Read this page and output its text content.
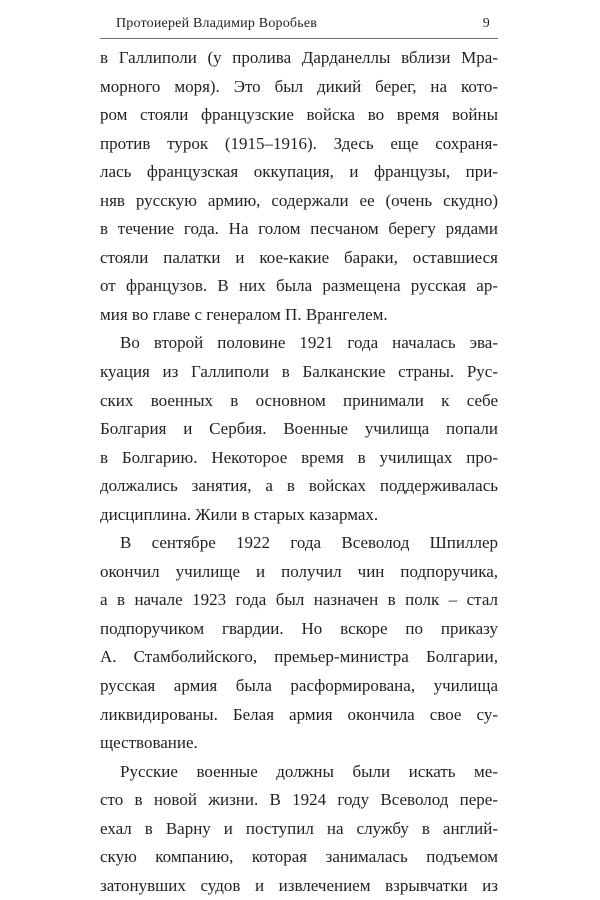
Протоиерей Владимир Воробьев	9

в Галлиполи (у пролива Дарданеллы вблизи Мра-
морного моря). Это был дикий берег, на кото-
ром стояли французские войска во время войны
против турок (1915–1916). Здесь еще сохраня-
лась французская оккупация, и французы, при-
няв русскую армию, содержали ее (очень скудно)
в течение года. На голом песчаном берегу рядами
стояли палатки и кое-какие бараки, оставшиеся
от французов. В них была размещена русская ар-
мия во главе с генералом П. Врангелем.

Во второй половине 1921 года началась эва-
куация из Галлиполи в Балканские страны. Рус-
ских военных в основном принимали к себе
Болгария и Сербия. Военные училища попали
в Болгарию. Некоторое время в училищах про-
должались занятия, а в войсках поддерживалась
дисциплина. Жили в старых казармах.

В сентябре 1922 года Всеволод Шпиллер
окончил училище и получил чин подпоручика,
а в начале 1923 года был назначен в полк – стал
подпоручиком гвардии. Но вскоре по приказу
А. Стамболийского, премьер-министра Болгарии,
русская армия была расформирована, училища
ликвидированы. Белая армия окончила свое су-
ществование.

Русские военные должны были искать ме-
сто в новой жизни. В 1924 году Всеволод пере-
ехал в Варну и поступил на службу в англий-
скую компанию, которая занималась подъемом
затонувших судов и извлечением взрывчатки из
